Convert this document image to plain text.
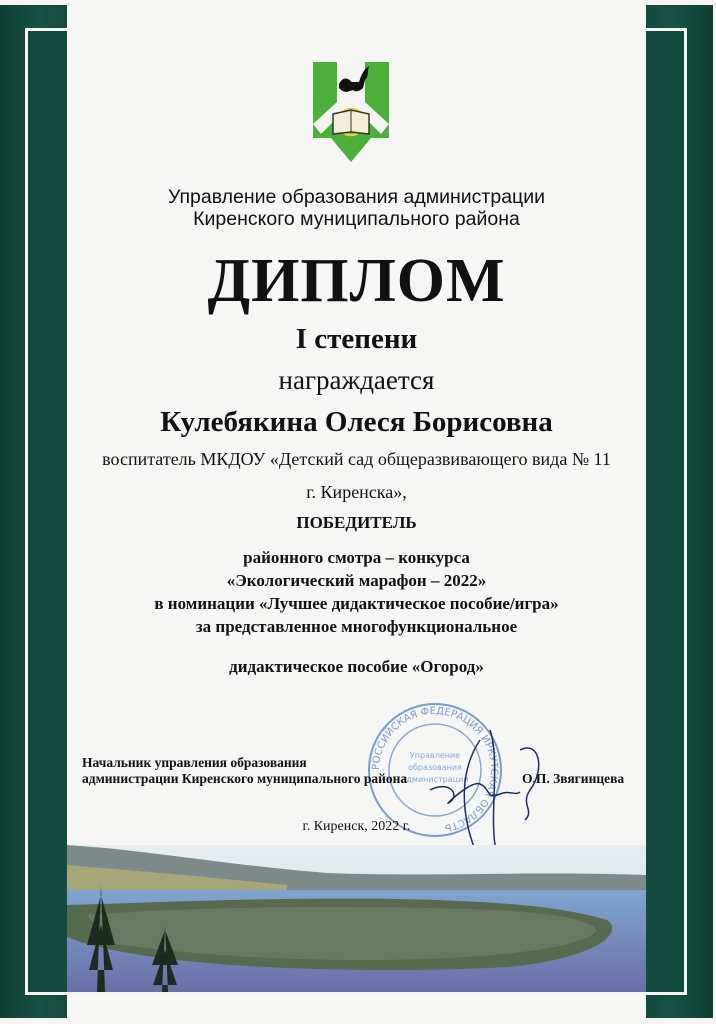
Управление образования администрации
Киренского муниципального района
ДИПЛОМ
I степени
награждается
Кулебякина Олеся Борисовна
воспитатель МКДОУ «Детский сад общеразвивающего вида № 11
г. Киренска»,
ПОБЕДИТЕЛЬ
районного смотра – конкурса
«Экологический марафон – 2022»
в номинации «Лучшее дидактическое пособие/игра»
за представленное многофункциональное
дидактическое пособие «Огород»
РОССИЙСКАЯ ФЕДЕРАЦИЯ ИРКУТСКАЯ ОБЛАСТЬ
Управление
образования
администрации
Начальник управления образования
администрации Киренского муниципального района	О.П. Звягинцева
г. Киренск, 2022 г.
